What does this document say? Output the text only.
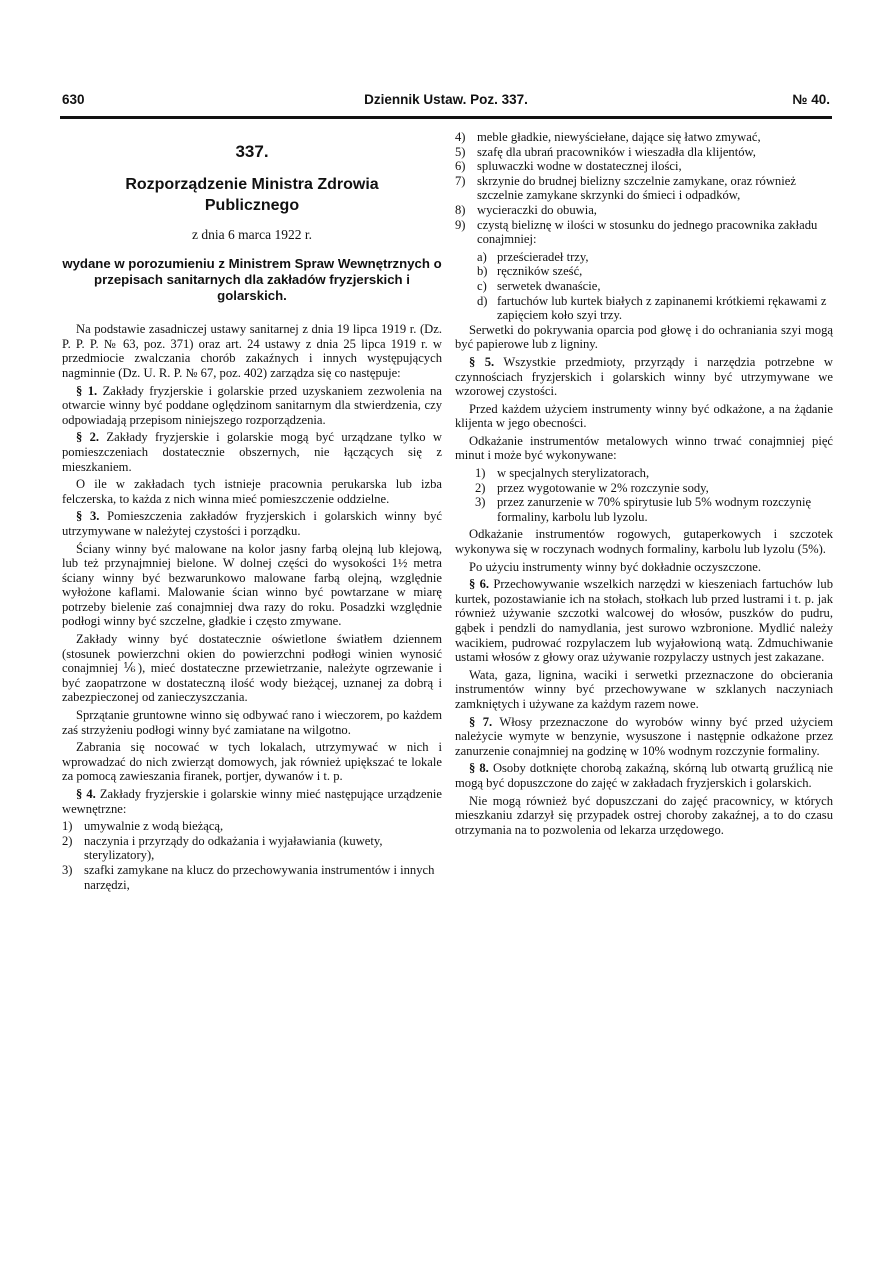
630	Dziennik Ustaw. Poz. 337.	№ 40.
337.
Rozporządzenie Ministra Zdrowia Publicznego
z dnia 6 marca 1922 r.
wydane w porozumieniu z Ministrem Spraw Wewnętrznych o przepisach sanitarnych dla zakładów fryzjerskich i golarskich.

Na podstawie zasadniczej ustawy sanitarnej z dnia 19 lipca 1919 r. (Dz. P. P. P. № 63, poz. 371) oraz art. 24 ustawy z dnia 25 lipca 1919 r. w przedmiocie zwalczania chorób zakaźnych i innych występujących nagminnie (Dz. U. R. P. № 67, poz. 402) zarządza się co następuje:

§ 1. Zakłady fryzjerskie i golarskie przed uzyskaniem zezwolenia na otwarcie winny być poddane oględzinom sanitarnym dla stwierdzenia, czy odpowiadają przepisom niniejszego rozporządzenia.

§ 2. Zakłady fryzjerskie i golarskie mogą być urządzane tylko w pomieszczeniach dostatecznie obszernych, nie łączących się z mieszkaniem.

O ile w zakładach tych istnieje pracownia perukarska lub izba felczerska, to każda z nich winna mieć pomieszczenie oddzielne.

§ 3. Pomieszczenia zakładów fryzjerskich i golarskich winny być utrzymywane w należytej czystości i porządku.

Ściany winny być malowane na kolor jasny farbą olejną lub klejową, lub też przynajmniej bielone. W dolnej części do wysokości 1½ metra ściany winny być bezwarunkowo malowane farbą olejną, względnie wyłożone kaflami. Malowanie ścian winno być powtarzane w miarę potrzeby bielenie zaś conajmniej dwa razy do roku. Posadzki względnie podłogi winny być szczelne, gładkie i często zmywane.

Zakłady winny być dostatecznie oświetlone światłem dziennem (stosunek powierzchni okien do powierzchni podłogi winien wynosić conajmniej ⅙), mieć dostateczne przewietrzanie, należyte ogrzewanie i być zaopatrzone w dostateczną ilość wody bieżącej, uznanej za dobrą i zabezpieczonej od zanieczyszczania.

Sprzątanie gruntowne winno się odbywać rano i wieczorem, po każdem zaś strzyżeniu podłogi winny być zamiatane na wilgotno.

Zabrania się nocować w tych lokalach, utrzymywać w nich i wprowadzać do nich zwierząt domowych, jak również upiększać te lokale za pomocą zawieszania firanek, portjer, dywanów i t. p.

§ 4. Zakłady fryzjerskie i golarskie winny mieć następujące urządzenie wewnętrzne:

1) umywalnie z wodą bieżącą,
2) naczynia i przyrządy do odkażania i wyjaławiania (kuwety, sterylizatory),
3) szafki zamykane na klucz do przechowywania instrumentów i innych narzędzi,
4) meble gładkie, niewyściełane, dające się łatwo zmywać,
5) szafę dla ubrań pracowników i wieszadła dla klijentów,
6) spluwaczki wodne w dostatecznej ilości,
7) skrzynie do brudnej bielizny szczelnie zamykane, oraz również szczelnie zamykane skrzynki do śmieci i odpadków,
8) wycieraczki do obuwia,
9) czystą bieliznę w ilości w stosunku do jednego pracownika zakładu conajmniej:
a) prześcieradeł trzy,
b) ręczników sześć,
c) serwetek dwanaście,
d) fartuchów lub kurtek białych z zapinanemi krótkiemi rękawami z zapięciem koło szyi trzy.

Serwetki do pokrywania oparcia pod głowę i do ochraniania szyi mogą być papierowe lub z ligniny.

§ 5. Wszystkie przedmioty, przyrządy i narzędzia potrzebne w czynnościach fryzjerskich i golarskich winny być utrzymywane we wzorowej czystości.

Przed każdem użyciem instrumenty winny być odkażone, a na żądanie klijenta w jego obecności.

Odkażanie instrumentów metalowych winno trwać conajmniej pięć minut i może być wykonywane:

1) w specjalnych sterylizatorach,
2) przez wygotowanie w 2% rozczynie sody,
3) przez zanurzenie w 70% spirytusie lub 5% wodnym rozczynię formaliny, karbolu lub lyzolu.

Odkażanie instrumentów rogowych, gutaperkowych i szczotek wykonywa się w roczynach wodnych formaliny, karbolu lub lyzolu (5%).

Po użyciu instrumenty winny być dokładnie oczyszczone.

§ 6. Przechowywanie wszelkich narzędzi w kieszeniach fartuchów lub kurtek, pozostawianie ich na stołach, stołkach lub przed lustrami i t. p. jak również używanie szczotki walcowej do włosów, puszków do pudru, gąbek i pendzli do namydlania, jest surowo wzbronione. Mydlić należy wacikiem, pudrować rozpylaczem lub wyjałowioną watą. Zdmuchiwanie ustami włosów z głowy oraz używanie rozpylaczy ustnych jest zakazane.

Wata, gaza, lignina, waciki i serwetki przeznaczone do obcierania instrumentów winny być przechowywane w szklanych naczyniach zamkniętych i używane za każdym razem nowe.

§ 7. Włosy przeznaczone do wyrobów winny być przed użyciem należycie wymyte w benzynie, wysuszone i następnie odkażone przez zanurzenie conajmniej na godzinę w 10% wodnym rozczynie formaliny.

§ 8. Osoby dotknięte chorobą zakaźną, skórną lub otwartą gruźlicą nie mogą być dopuszczone do zajęć w zakładach fryzjerskich i golarskich.

Nie mogą również być dopuszczani do zajęć pracownicy, w których mieszkaniu zdarzył się przypadek ostrej choroby zakaźnej, a to do czasu otrzymania na to pozwolenia od lekarza urzędowego.
